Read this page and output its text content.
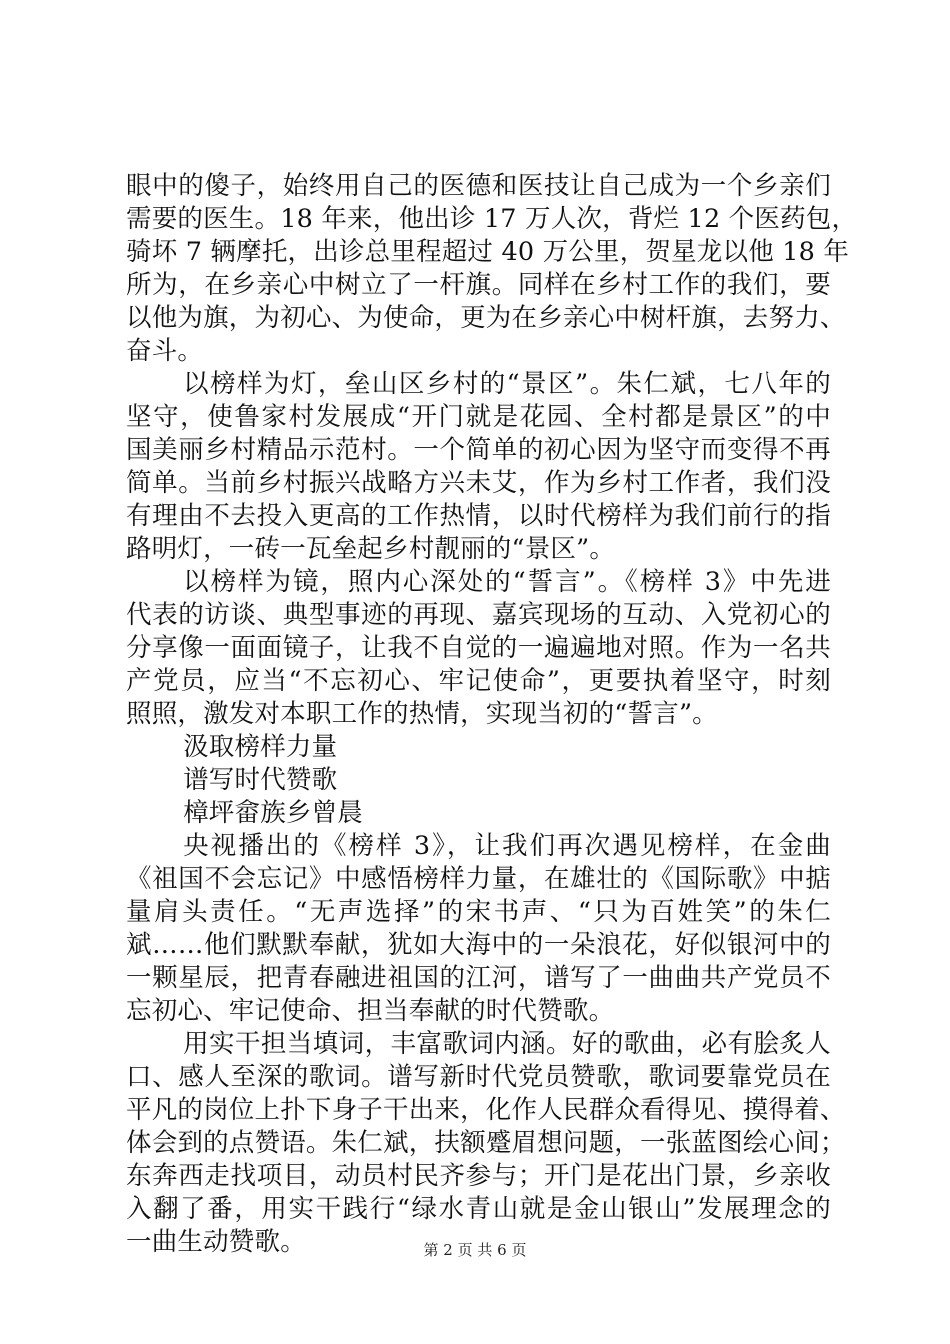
眼中的傻子，始终用自己的医德和医技让自己成为一个乡亲们
需要的医生。18 年来，他出诊 17 万人次，背烂 12 个医药包，
骑坏 7 辆摩托，出诊总里程超过 40 万公里，贺星龙以他 18 年
所为，在乡亲心中树立了一杆旗。同样在乡村工作的我们，要
以他为旗，为初心、为使命，更为在乡亲心中树杆旗，去努力、
奋斗。
以榜样为灯，垒山区乡村的“景区”。朱仁斌，七八年的
坚守，使鲁家村发展成“开门就是花园、全村都是景区”的中
国美丽乡村精品示范村。一个简单的初心因为坚守而变得不再
简单。当前乡村振兴战略方兴未艾，作为乡村工作者，我们没
有理由不去投入更高的工作热情，以时代榜样为我们前行的指
路明灯，一砖一瓦垒起乡村靓丽的“景区”。
以榜样为镜，照内心深处的“誓言”。《榜样 3》中先进
代表的访谈、典型事迹的再现、嘉宾现场的互动、入党初心的
分享像一面面镜子，让我不自觉的一遍遍地对照。作为一名共
产党员，应当“不忘初心、牢记使命”，更要执着坚守，时刻
照照，激发对本职工作的热情，实现当初的“誓言”。
汲取榜样力量
谱写时代赞歌
樟坪畲族乡曾晨
央视播出的《榜样 3》，让我们再次遇见榜样，在金曲
《祖国不会忘记》中感悟榜样力量，在雄壮的《国际歌》中掂
量肩头责任。“无声选择”的宋书声、“只为百姓笑”的朱仁
斌……他们默默奉献，犹如大海中的一朵浪花，好似银河中的
一颗星辰，把青春融进祖国的江河，谱写了一曲曲共产党员不
忘初心、牢记使命、担当奉献的时代赞歌。
用实干担当填词，丰富歌词内涵。好的歌曲，必有脍炙人
口、感人至深的歌词。谱写新时代党员赞歌，歌词要靠党员在
平凡的岗位上扑下身子干出来，化作人民群众看得见、摸得着、
体会到的点赞语。朱仁斌，扶额蹙眉想问题，一张蓝图绘心间；
东奔西走找项目，动员村民齐参与；开门是花出门景，乡亲收
入翻了番，用实干践行“绿水青山就是金山银山”发展理念的
一曲生动赞歌。	第 2 页 共 6 页
